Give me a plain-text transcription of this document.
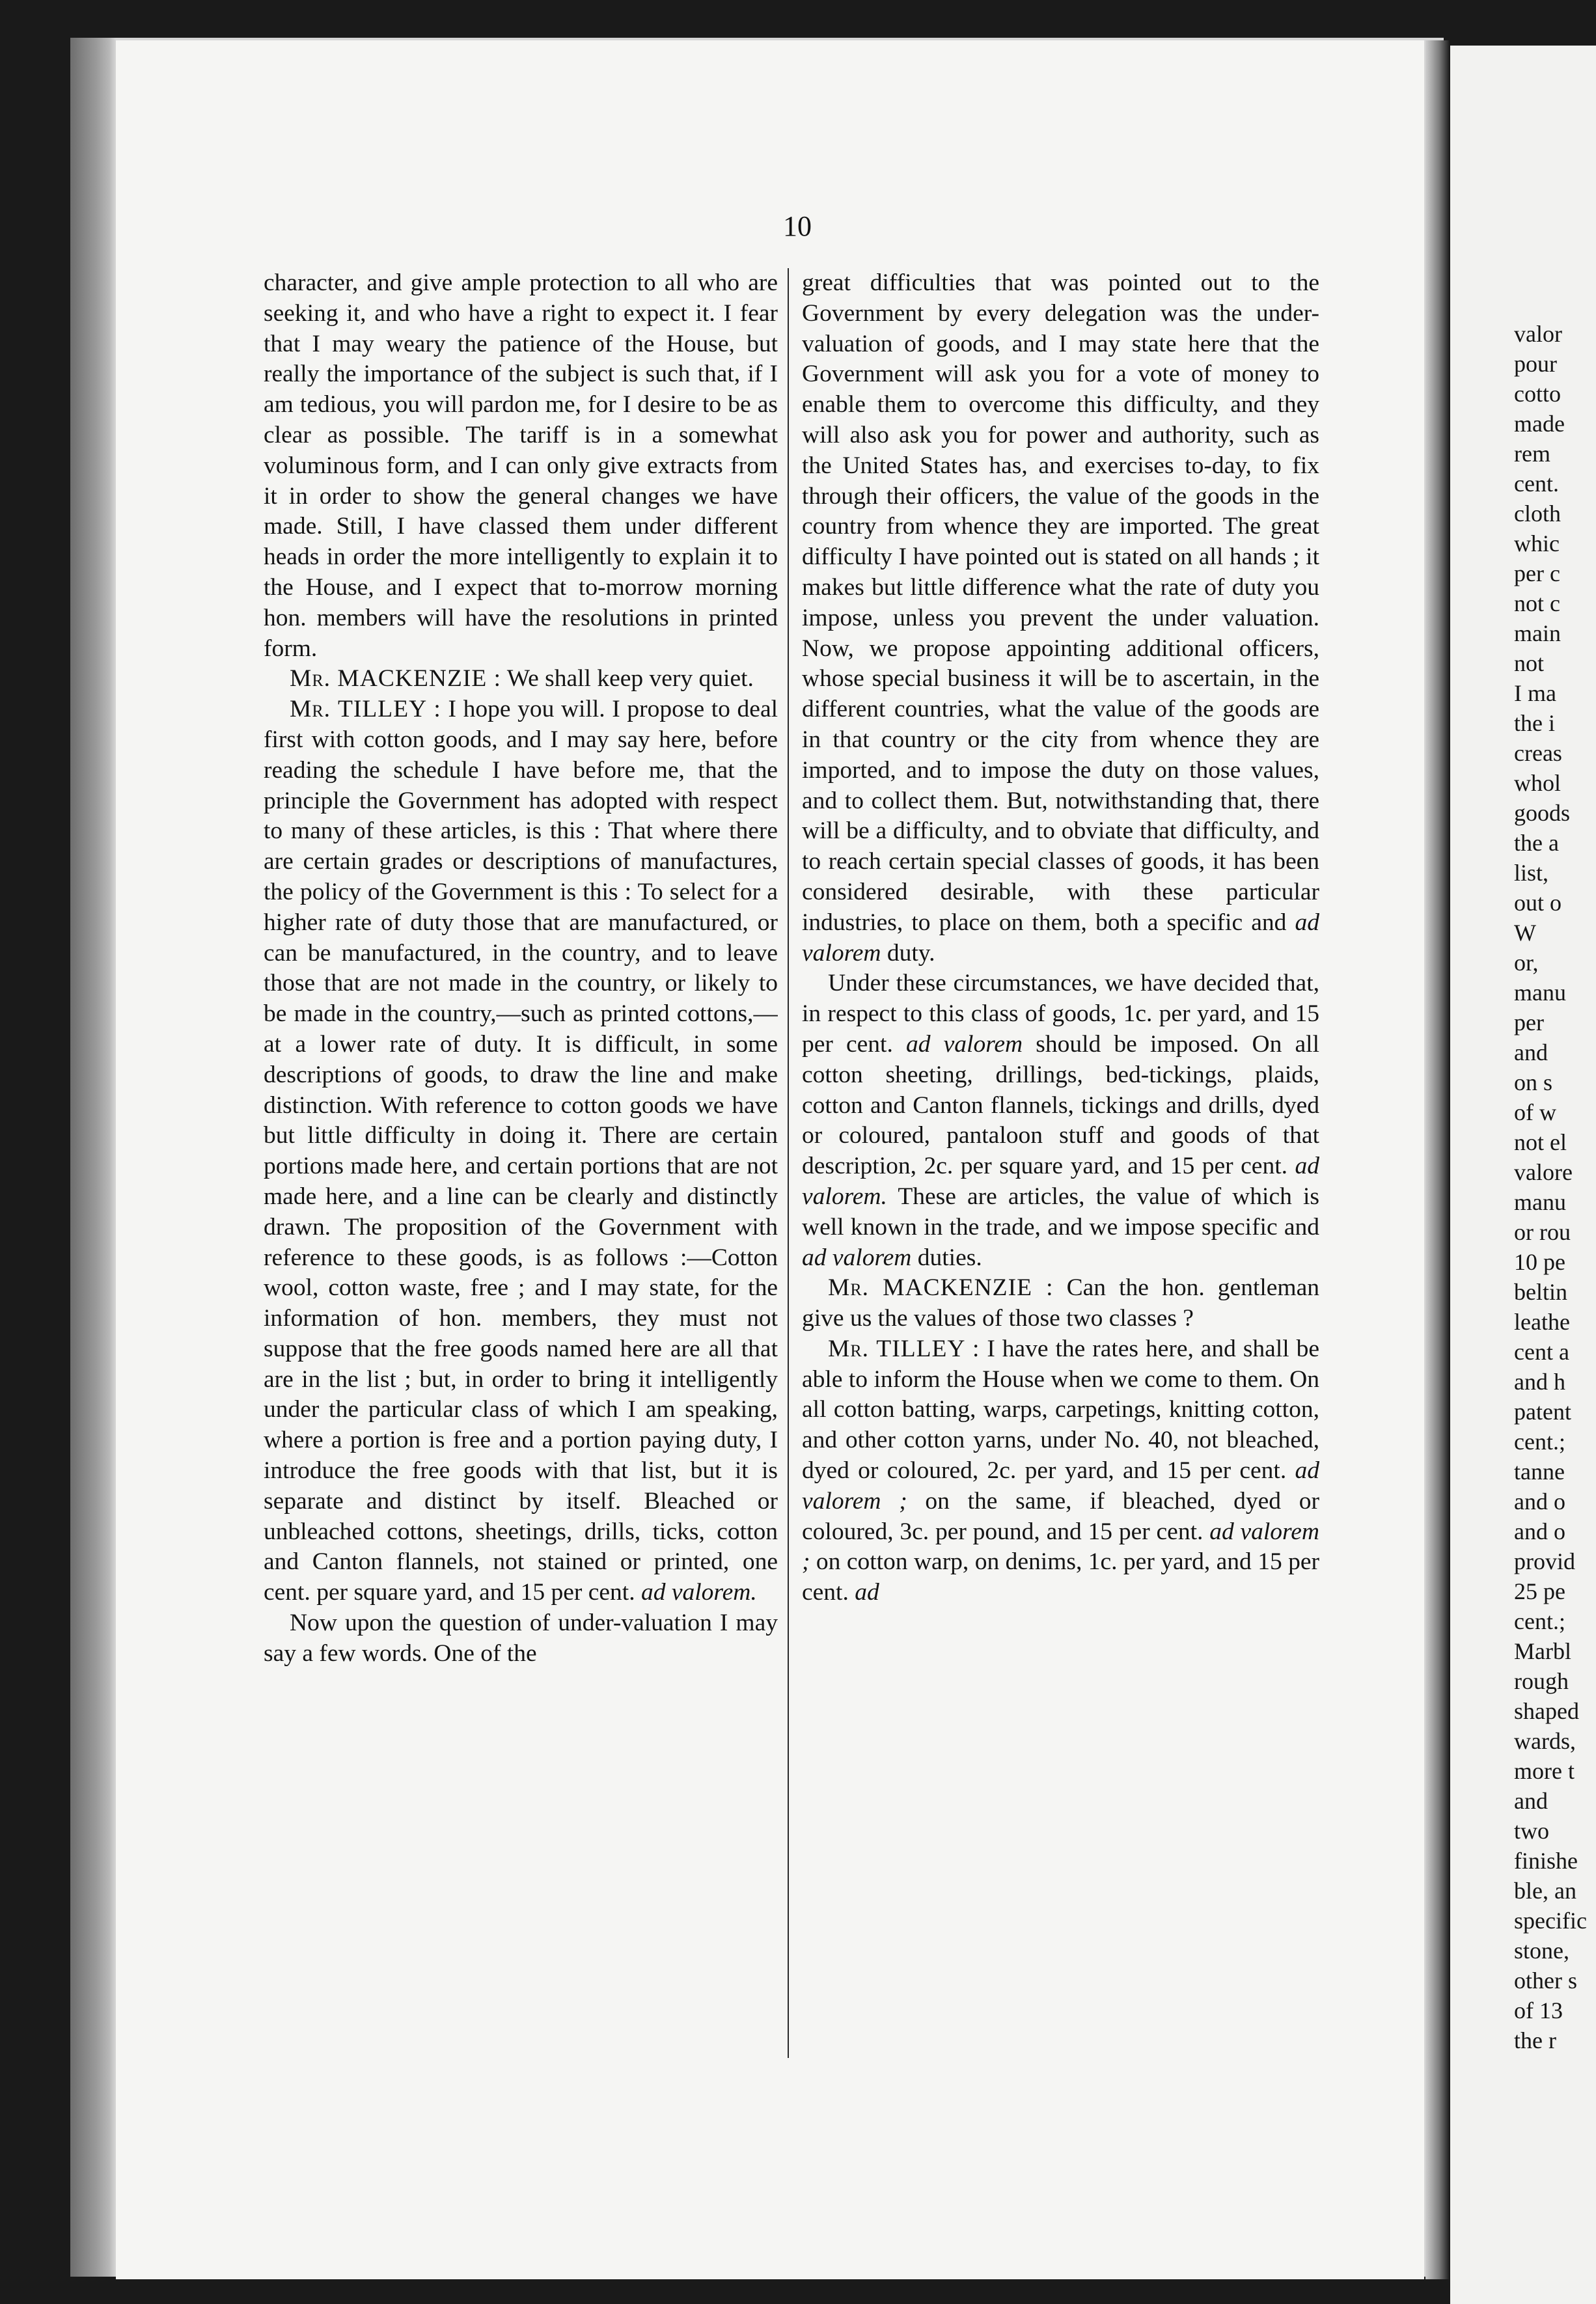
10

character, and give ample protection to all who are seeking it, and who have a right to expect it. I fear that I may weary the patience of the House, but really the importance of the subject is such that, if I am tedious, you will pardon me, for I desire to be as clear as possible. The tariff is in a somewhat voluminous form, and I can only give extracts from it in order to show the general changes we have made. Still, I have classed them under different heads in order the more intelligently to explain it to the House, and I expect that to-morrow morning hon. members will have the resolutions in printed form.

Mr. MACKENZIE : We shall keep very quiet.

Mr. TILLEY : I hope you will. I propose to deal first with cotton goods, and I may say here, before reading the schedule I have before me, that the principle the Government has adopted with respect to many of these articles, is this : That where there are certain grades or descriptions of manufactures, the policy of the Government is this : To select for a higher rate of duty those that are manufactured, or can be manufactured, in the country, and to leave those that are not made in the country, or likely to be made in the country,—such as printed cottons,—at a lower rate of duty. It is difficult, in some descriptions of goods, to draw the line and make distinction. With reference to cotton goods we have but little difficulty in doing it. There are certain portions made here, and certain portions that are not made here, and a line can be clearly and distinctly drawn. The proposition of the Government with reference to these goods, is as follows :—Cotton wool, cotton waste, free ; and I may state, for the information of hon. members, they must not suppose that the free goods named here are all that are in the list ; but, in order to bring it intelligently under the particular class of which I am speaking, where a portion is free and a portion paying duty, I introduce the free goods with that list, but it is separate and distinct by itself. Bleached or unbleached cottons, sheetings, drills, ticks, cotton and Canton flannels, not stained or printed, one cent. per square yard, and 15 per cent. ad valorem.

Now upon the question of under-valuation I may say a few words. One of the

great difficulties that was pointed out to the Government by every delegation was the under-valuation of goods, and I may state here that the Government will ask you for a vote of money to enable them to overcome this difficulty, and they will also ask you for power and authority, such as the United States has, and exercises to-day, to fix through their officers, the value of the goods in the country from whence they are imported. The great difficulty I have pointed out is stated on all hands ; it makes but little difference what the rate of duty you impose, unless you prevent the under valuation. Now, we propose appointing additional officers, whose special business it will be to ascertain, in the different countries, what the value of the goods are in that country or the city from whence they are imported, and to impose the duty on those values, and to collect them. But, notwithstanding that, there will be a difficulty, and to obviate that difficulty, and to reach certain special classes of goods, it has been considered desirable, with these particular industries, to place on them, both a specific and ad valorem duty.

Under these circumstances, we have decided that, in respect to this class of goods, 1c. per yard, and 15 per cent. ad valorem should be imposed. On all cotton sheeting, drillings, bed-tickings, plaids, cotton and Canton flannels, tickings and drills, dyed or coloured, pantaloon stuff and goods of that description, 2c. per square yard, and 15 per cent. ad valorem. These are articles, the value of which is well known in the trade, and we impose specific and ad valorem duties.

Mr. MACKENZIE : Can the hon. gentleman give us the values of those two classes ?

Mr. TILLEY : I have the rates here, and shall be able to inform the House when we come to them. On all cotton batting, warps, carpetings, knitting cotton, and other cotton yarns, under No. 40, not bleached, dyed or coloured, 2c. per yard, and 15 per cent. ad valorem ; on the same, if bleached, dyed or coloured, 3c. per pound, and 15 per cent. ad valorem ; on cotton warp, on denims, 1c. per yard, and 15 per cent. ad

valor
pour
cotto
made
rem
cent.
cloth
whic
per c
not c
main
not
I ma
the i
creas
whol
goods
the a
list,
out o
W
or,
manu
per
and
on s
of w
not el
valore
manu
or rou
10 pe
beltin
leathe
cent a
and h
patent
cent.;
tanne
and o
and o
provid
25 pe
cent.;
Marbl
rough
shaped
wards,
more t
and
two
finishe
ble, an
specific
stone,
other s
of 13
the r
